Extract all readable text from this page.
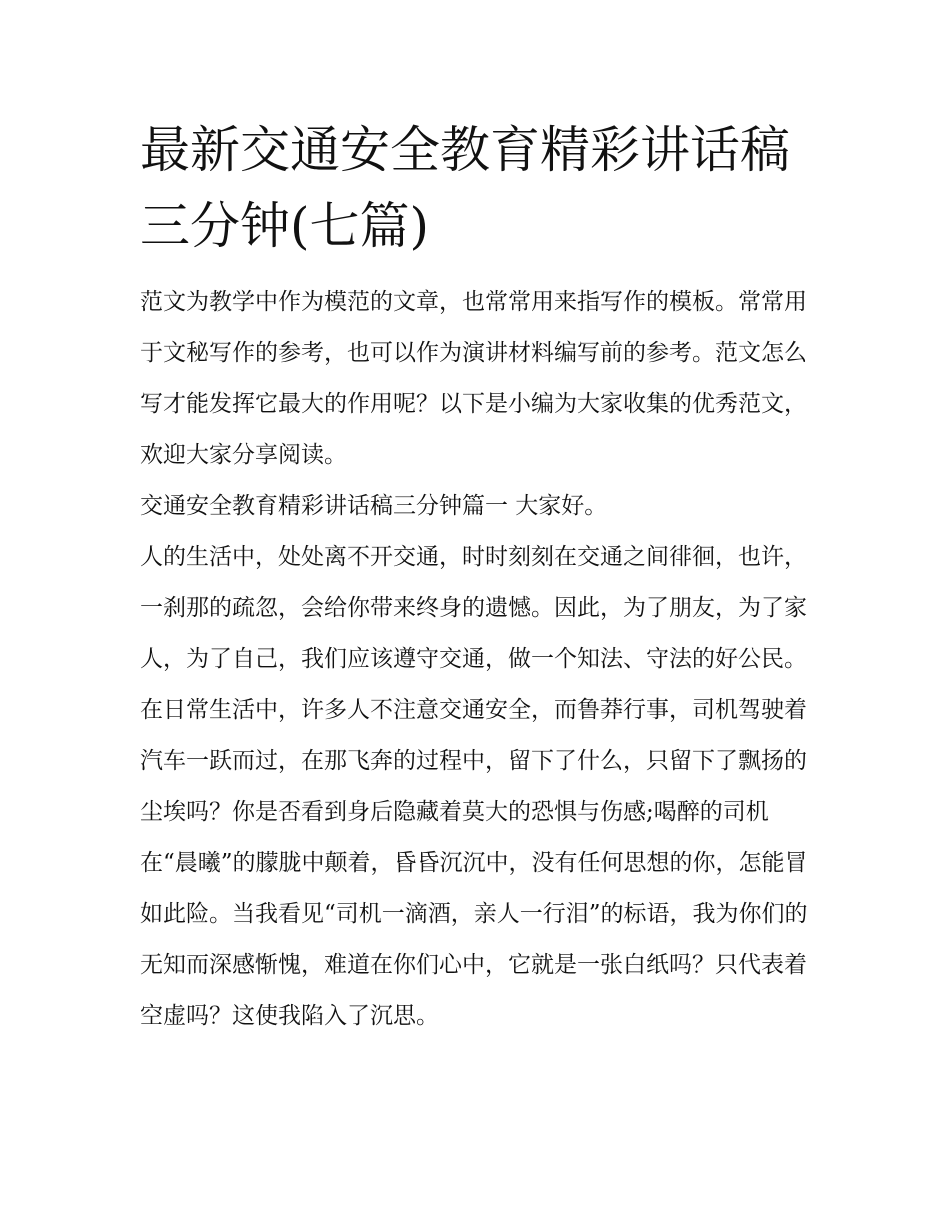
最新交通安全教育精彩讲话稿三分钟(七篇)

范文为教学中作为模范的文章，也常常用来指写作的模板。常常用于文秘写作的参考，也可以作为演讲材料编写前的参考。范文怎么写才能发挥它最大的作用呢？以下是小编为大家收集的优秀范文，欢迎大家分享阅读。

交通安全教育精彩讲话稿三分钟篇一 大家好。

人的生活中，处处离不开交通，时时刻刻在交通之间徘徊，也许，一刹那的疏忽，会给你带来终身的遗憾。因此，为了朋友，为了家人，为了自己，我们应该遵守交通，做一个知法、守法的好公民。

在日常生活中，许多人不注意交通安全，而鲁莽行事，司机驾驶着汽车一跃而过，在那飞奔的过程中，留下了什么，只留下了飘扬的尘埃吗？你是否看到身后隐藏着莫大的恐惧与伤感;喝醉的司机在“晨曦”的朦胧中颠着，昏昏沉沉中，没有任何思想的你，怎能冒如此险。当我看见“司机一滴酒，亲人一行泪”的标语，我为你们的无知而深感惭愧，难道在你们心中，它就是一张白纸吗？只代表着空虚吗？这使我陷入了沉思。
